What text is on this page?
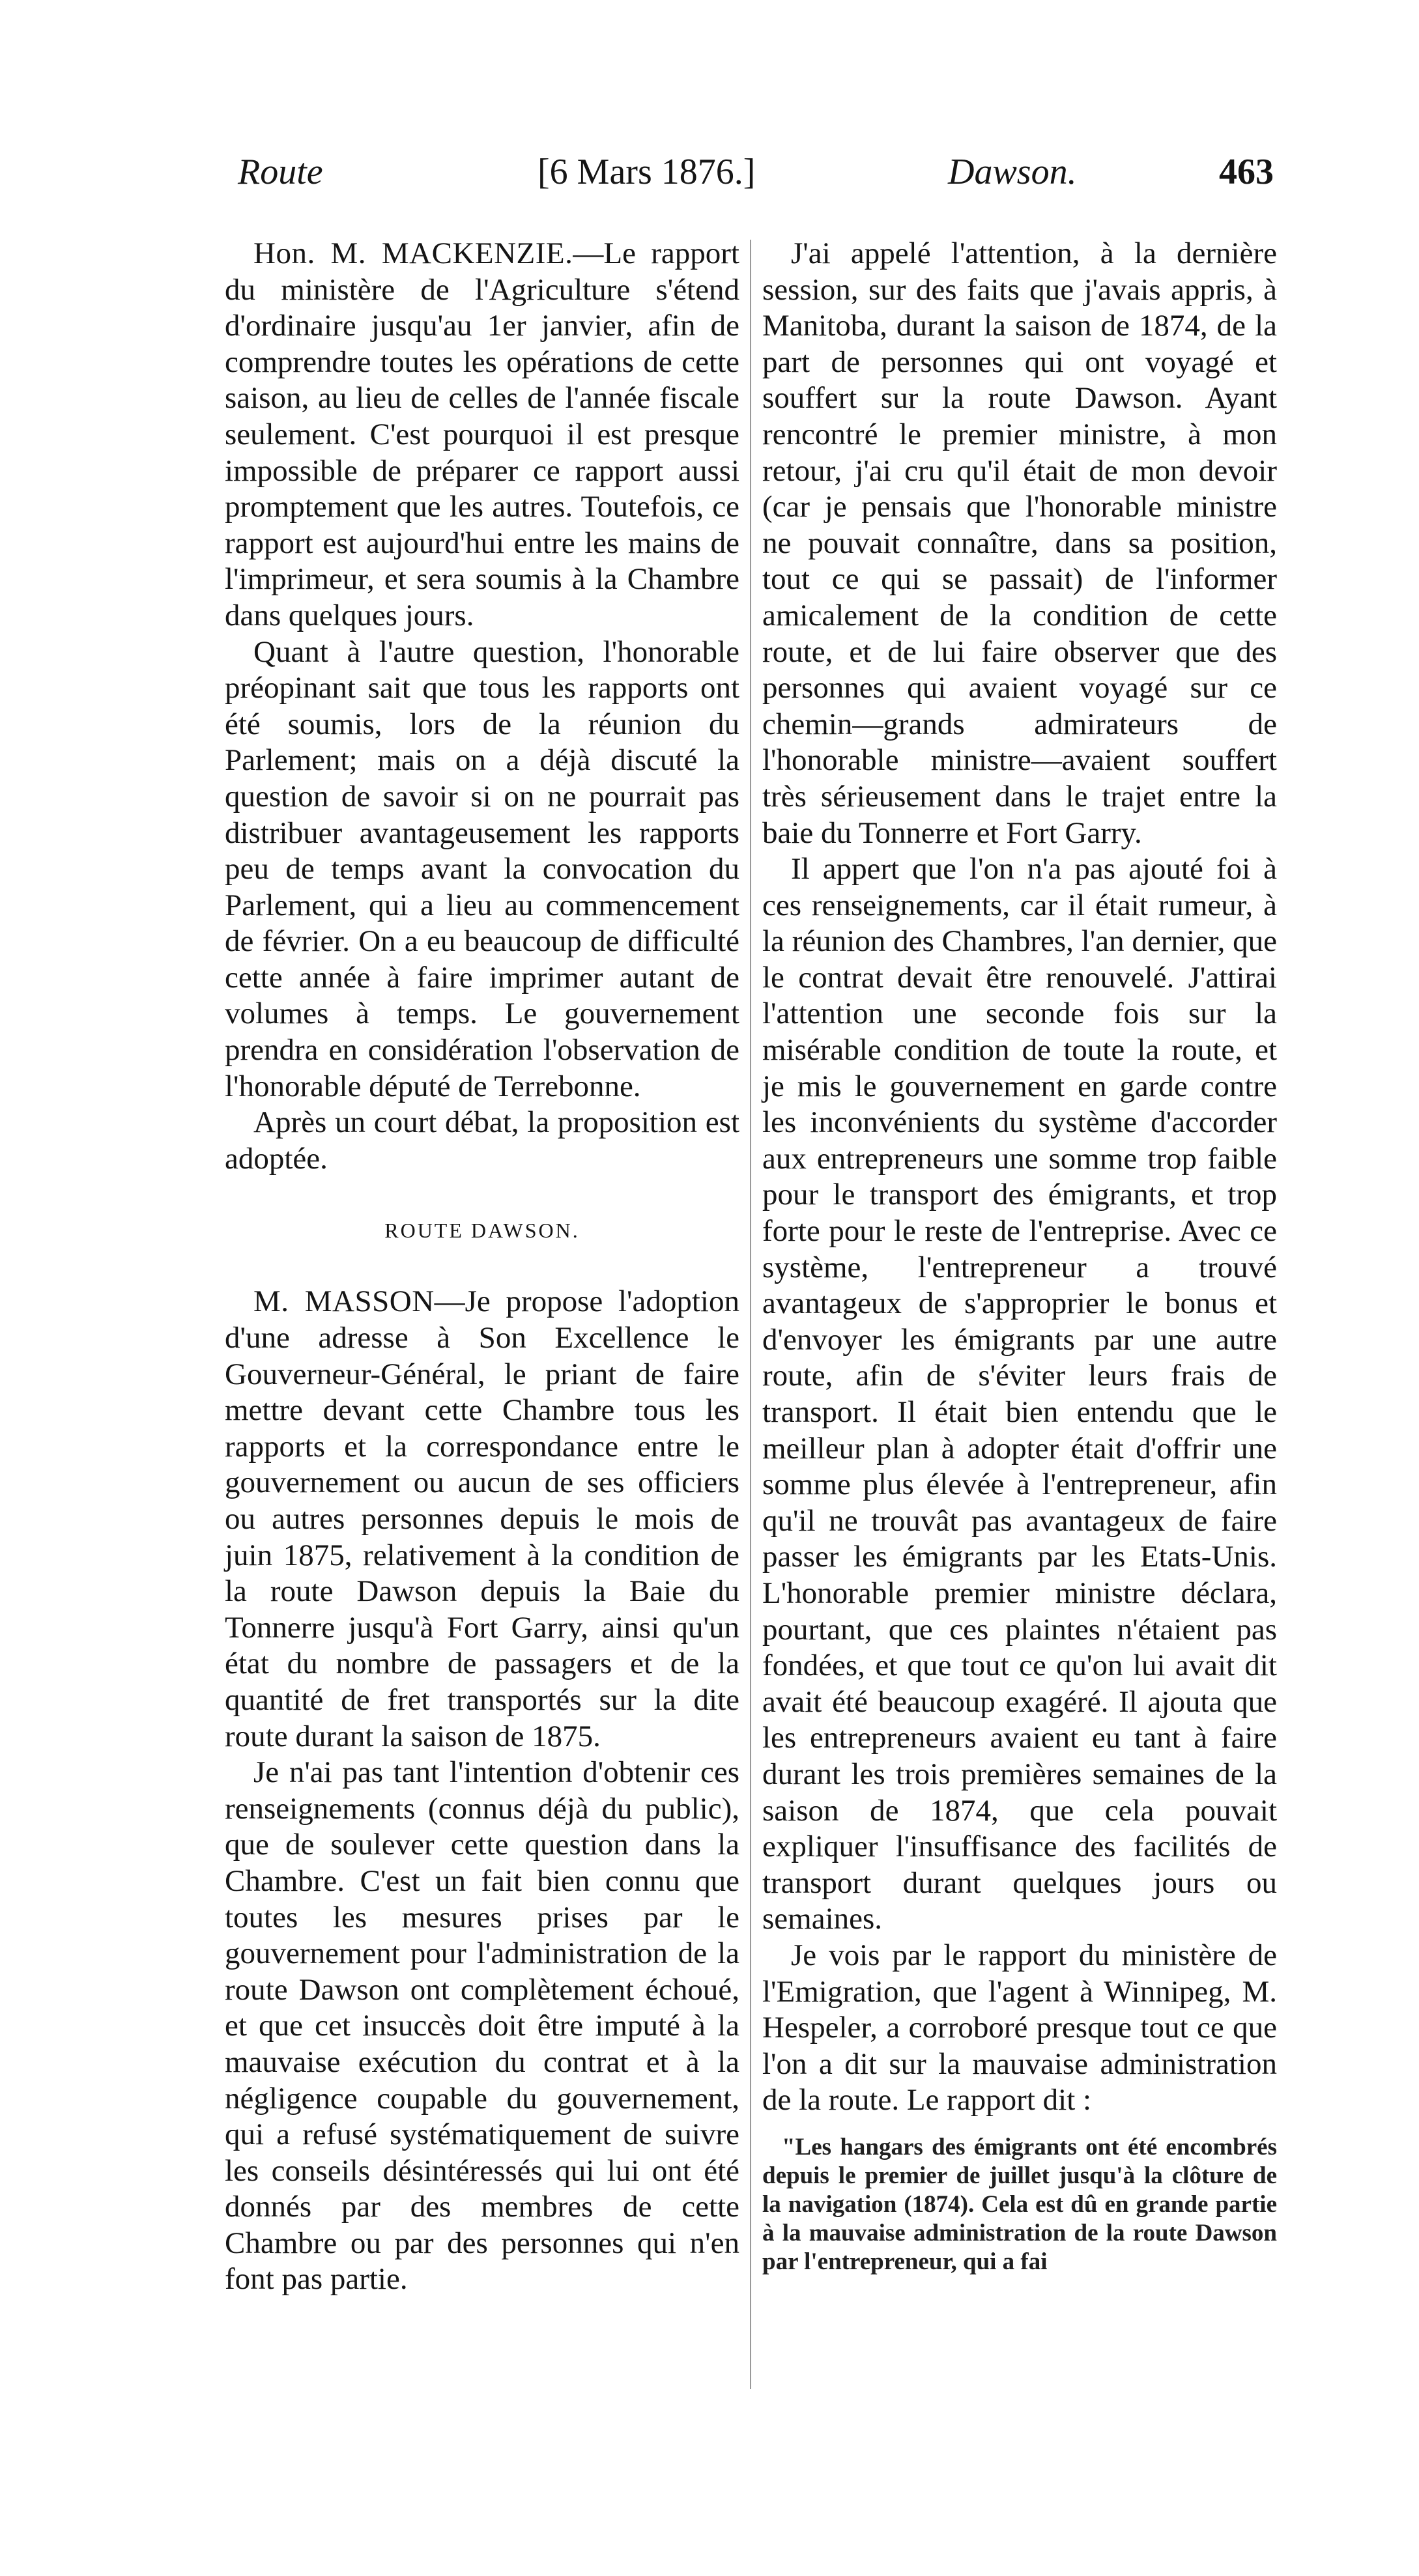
Route	[6 Mars 1876.]	Dawson.	463

Hon. M. MACKENZIE.—Le rapport du ministère de l'Agriculture s'étend d'ordinaire jusqu'au 1er janvier, afin de comprendre toutes les opérations de cette saison, au lieu de celles de l'année fiscale seulement. C'est pourquoi il est presque impossible de préparer ce rapport aussi promptement que les autres. Toutefois, ce rapport est aujourd'hui entre les mains de l'imprimeur, et sera soumis à la Chambre dans quelques jours.

Quant à l'autre question, l'honorable préopinant sait que tous les rapports ont été soumis, lors de la réunion du Parlement; mais on a déjà discuté la question de savoir si on ne pourrait pas distribuer avantageusement les rapports peu de temps avant la convocation du Parlement, qui a lieu au commencement de février. On a eu beaucoup de difficulté cette année à faire imprimer autant de volumes à temps. Le gouvernement prendra en considération l'observation de l'honorable député de Terrebonne.

Après un court débat, la proposition est adoptée.

ROUTE DAWSON.

M. MASSON—Je propose l'adoption d'une adresse à Son Excellence le Gouverneur-Général, le priant de faire mettre devant cette Chambre tous les rapports et la correspondance entre le gouvernement ou aucun de ses officiers ou autres personnes depuis le mois de juin 1875, relativement à la condition de la route Dawson depuis la Baie du Tonnerre jusqu'à Fort Garry, ainsi qu'un état du nombre de passagers et de la quantité de fret transportés sur la dite route durant la saison de 1875.

Je n'ai pas tant l'intention d'obtenir ces renseignements (connus déjà du public), que de soulever cette question dans la Chambre. C'est un fait bien connu que toutes les mesures prises par le gouvernement pour l'administration de la route Dawson ont complètement échoué, et que cet insuccès doit être imputé à la mauvaise exécution du contrat et à la négligence coupable du gouvernement, qui a refusé systématiquement de suivre les conseils désintéressés qui lui ont été donnés par des membres de cette Chambre ou par des personnes qui n'en font pas partie.

J'ai appelé l'attention, à la dernière session, sur des faits que j'avais appris, à Manitoba, durant la saison de 1874, de la part de personnes qui ont voyagé et souffert sur la route Dawson. Ayant rencontré le premier ministre, à mon retour, j'ai cru qu'il était de mon devoir (car je pensais que l'honorable ministre ne pouvait connaître, dans sa position, tout ce qui se passait) de l'informer amicalement de la condition de cette route, et de lui faire observer que des personnes qui avaient voyagé sur ce chemin—grands admirateurs de l'honorable ministre—avaient souffert très sérieusement dans le trajet entre la baie du Tonnerre et Fort Garry.

Il appert que l'on n'a pas ajouté foi à ces renseignements, car il était rumeur, à la réunion des Chambres, l'an dernier, que le contrat devait être renouvelé. J'attirai l'attention une seconde fois sur la misérable condition de toute la route, et je mis le gouvernement en garde contre les inconvénients du système d'accorder aux entrepreneurs une somme trop faible pour le transport des émigrants, et trop forte pour le reste de l'entreprise. Avec ce système, l'entrepreneur a trouvé avantageux de s'approprier le bonus et d'envoyer les émigrants par une autre route, afin de s'éviter leurs frais de transport. Il était bien entendu que le meilleur plan à adopter était d'offrir une somme plus élevée à l'entrepreneur, afin qu'il ne trouvât pas avantageux de faire passer les émigrants par les Etats-Unis. L'honorable premier ministre déclara, pourtant, que ces plaintes n'étaient pas fondées, et que tout ce qu'on lui avait dit avait été beaucoup exagéré. Il ajouta que les entrepreneurs avaient eu tant à faire durant les trois premières semaines de la saison de 1874, que cela pouvait expliquer l'insuffisance des facilités de transport durant quelques jours ou semaines.

Je vois par le rapport du ministère de l'Emigration, que l'agent à Winnipeg, M. Hespeler, a corroboré presque tout ce que l'on a dit sur la mauvaise administration de la route. Le rapport dit :

"Les hangars des émigrants ont été encombrés depuis le premier de juillet jusqu'à la clôture de la navigation (1874). Cela est dû en grande partie à la mauvaise administration de la route Dawson par l'entrepreneur, qui a fai
